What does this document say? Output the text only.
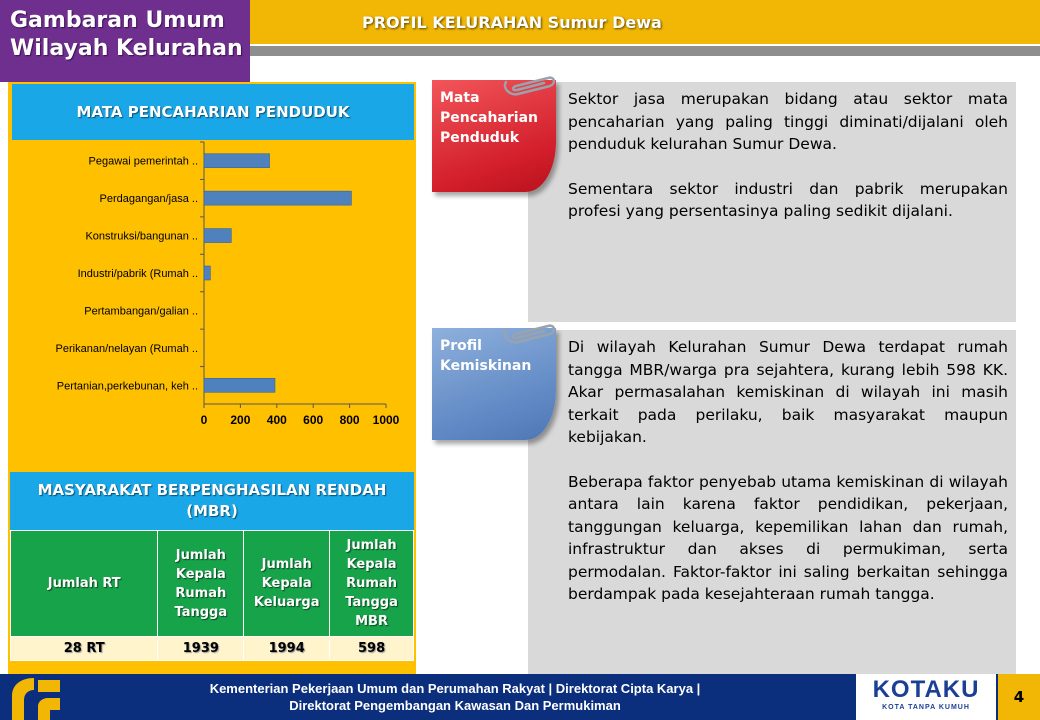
Gambaran Umum
Wilayah Kelurahan
PROFIL KELURAHAN Sumur Dewa
MATA PENCAHARIAN PENDUDUK
Pegawai pemerintah ..
Perdagangan/jasa ..
Konstruksi/bangunan ..
Industri/pabrik (Rumah ..
Pertambangan/galian ..
Perikanan/nelayan (Rumah ..
Pertanian,perkebunan, keh ..
0 200 400 600 800 1000
MASYARAKAT BERPENGHASILAN RENDAH (MBR)
Jumlah RT	Jumlah Kepala Rumah Tangga	Jumlah Kepala Keluarga	Jumlah Kepala Rumah Tangga MBR
28 RT	1939	1994	598

Sektor jasa merupakan bidang atau sektor mata pencaharian yang paling tinggi diminati/dijalani oleh penduduk kelurahan Sumur Dewa.

Sementara sektor industri dan pabrik merupakan profesi yang persentasinya paling sedikit dijalani.

Di wilayah Kelurahan Sumur Dewa terdapat rumah tangga MBR/warga pra sejahtera, kurang lebih 598 KK. Akar permasalahan kemiskinan di wilayah ini masih terkait pada perilaku, baik masyarakat maupun kebijakan.

Beberapa faktor penyebab utama kemiskinan di wilayah antara lain karena faktor pendidikan, pekerjaan, tanggungan keluarga, kepemilikan lahan dan rumah, infrastruktur dan akses di permukiman, serta permodalan. Faktor-faktor ini saling berkaitan sehingga berdampak pada kesejahteraan rumah tangga.

Mata Pencaharian Penduduk
Profil Kemiskinan
Kementerian Pekerjaan Umum dan Perumahan Rakyat | Direktorat Cipta Karya |
Direktorat Pengembangan Kawasan Dan Permukiman
KOTAKU
KOTA TANPA KUMUH
4
